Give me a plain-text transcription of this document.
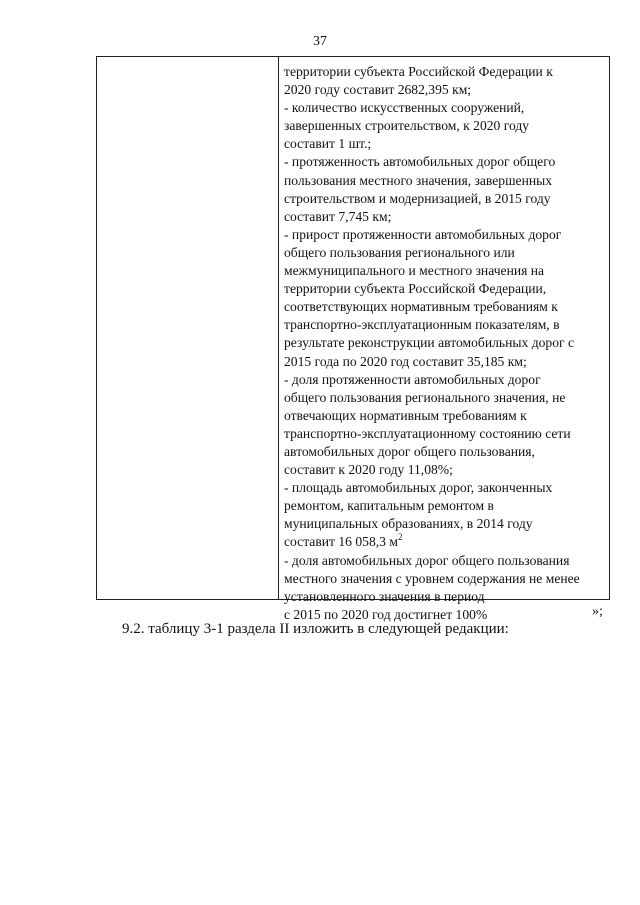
37
территории субъекта Российской Федерации к
2020 году составит 2682,395 км;
- количество искусственных сооружений,
завершенных строительством, к 2020 году
составит 1 шт.;
- протяженность автомобильных дорог общего
пользования местного значения, завершенных
строительством и модернизацией, в 2015 году
составит 7,745 км;
- прирост протяженности автомобильных дорог
общего пользования регионального или
межмуниципального и местного значения на
территории субъекта Российской Федерации,
соответствующих нормативным требованиям к
транспортно-эксплуатационным показателям, в
результате реконструкции автомобильных дорог с
2015 года по 2020 год составит 35,185 км;
- доля протяженности автомобильных дорог
общего пользования регионального значения, не
отвечающих нормативным требованиям к
транспортно-эксплуатационному состоянию сети
автомобильных дорог общего пользования,
составит к 2020 году 11,08%;
- площадь автомобильных дорог, законченных
ремонтом, капитальным ремонтом в
муниципальных образованиях, в 2014 году
составит 16 058,3 $м^2$
- доля автомобильных дорог общего пользования
местного значения с уровнем содержания не менее
установленного значения в период
с 2015 по 2020 год достигнет 100%	»;
9.2. таблицу 3-1 раздела II изложить в следующей редакции:
